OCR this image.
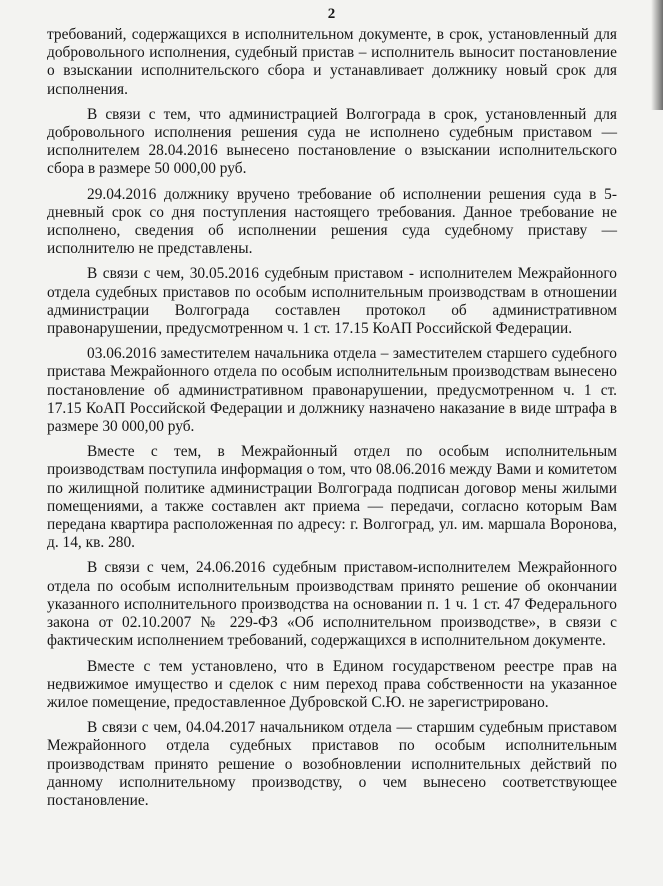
2

требований, содержащихся в исполнительном документе, в срок, установленный для добровольного исполнения, судебный пристав – исполнитель выносит постановление о взыскании исполнительского сбора и устанавливает должнику новый срок для исполнения.

В связи с тем, что администрацией Волгограда в срок, установленный для добровольного исполнения решения суда не исполнено судебным приставом — исполнителем 28.04.2016 вынесено постановление о взыскании исполнительского сбора в размере 50 000,00 руб.

29.04.2016 должнику вручено требование об исполнении решения суда в 5-дневный срок со дня поступления настоящего требования. Данное требование не исполнено, сведения об исполнении решения суда судебному приставу — исполнителю не представлены.

В связи с чем, 30.05.2016 судебным приставом - исполнителем Межрайонного отдела судебных приставов по особым исполнительным производствам в отношении администрации Волгограда составлен протокол об административном правонарушении, предусмотренном ч. 1 ст. 17.15 КоАП Российской Федерации.

03.06.2016 заместителем начальника отдела – заместителем старшего судебного пристава Межрайонного отдела по особым исполнительным производствам вынесено постановление об административном правонарушении, предусмотренном ч. 1 ст. 17.15 КоАП Российской Федерации и должнику назначено наказание в виде штрафа в размере 30 000,00 руб.

Вместе с тем, в Межрайонный отдел по особым исполнительным производствам поступила информация о том, что 08.06.2016 между Вами и комитетом по жилищной политике администрации Волгограда подписан договор мены жилыми помещениями, а также составлен акт приема — передачи, согласно которым Вам передана квартира расположенная по адресу: г. Волгоград, ул. им. маршала Воронова, д. 14, кв. 280.

В связи с чем, 24.06.2016 судебным приставом-исполнителем Межрайонного отдела по особым исполнительным производствам принято решение об окончании указанного исполнительного производства на основании п. 1 ч. 1 ст. 47 Федерального закона от 02.10.2007 № 229-ФЗ «Об исполнительном производстве», в связи с фактическим исполнением требований, содержащихся в исполнительном документе.

Вместе с тем установлено, что в Едином государственом реестре прав на недвижимое имущество и сделок с ним переход права собственности на указанное жилое помещение, предоставленное Дубровской С.Ю. не зарегистрировано.

В связи с чем, 04.04.2017 начальником отдела — старшим судебным приставом Межрайонного отдела судебных приставов по особым исполнительным производствам принято решение о возобновлении исполнительных действий по данному исполнительному производству, о чем вынесено соответствующее постановление.
